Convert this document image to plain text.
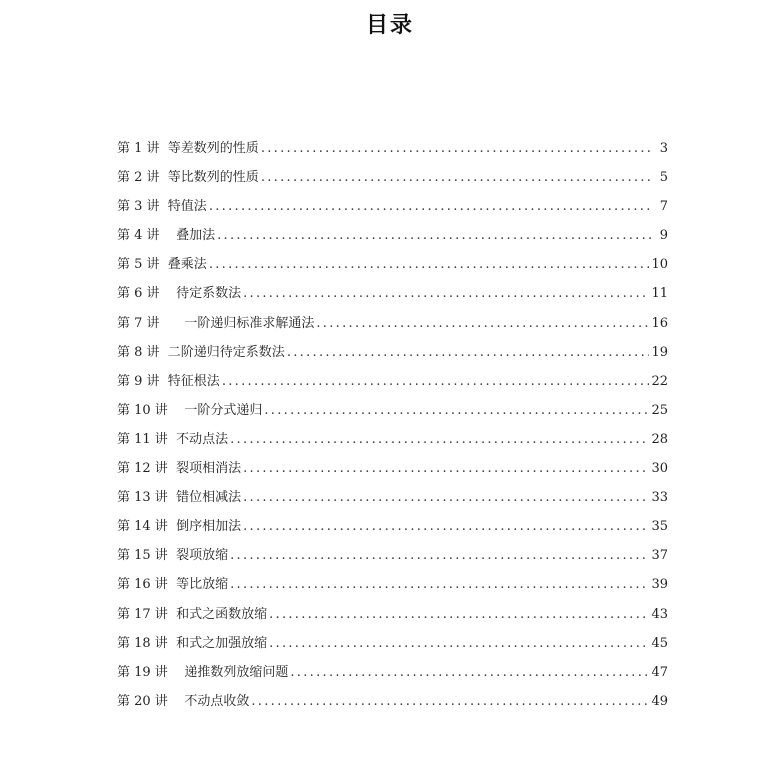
目录
第 1 讲  等差数列的性质 .....	3
第 2 讲  等比数列的性质 .....	5
第 3 讲  特值法 .....	7
第 4 讲    叠加法 .....	9
第 5 讲  叠乘法 .....	10
第 6 讲    待定系数法 .....	11
第 7 讲      一阶递归标准求解通法 .....	16
第 8 讲  二阶递归待定系数法 .....	19
第 9 讲  特征根法 .....	22
第 10 讲    一阶分式递归 .....	25
第 11 讲  不动点法 .....	28
第 12 讲  裂项相消法 .....	30
第 13 讲  错位相减法 .....	33
第 14 讲  倒序相加法 .....	35
第 15 讲  裂项放缩 .....	37
第 16 讲  等比放缩 .....	39
第 17 讲  和式之函数放缩 .....	43
第 18 讲  和式之加强放缩 .....	45
第 19 讲    递推数列放缩问题 .....	47
第 20 讲    不动点收敛 .....	49
